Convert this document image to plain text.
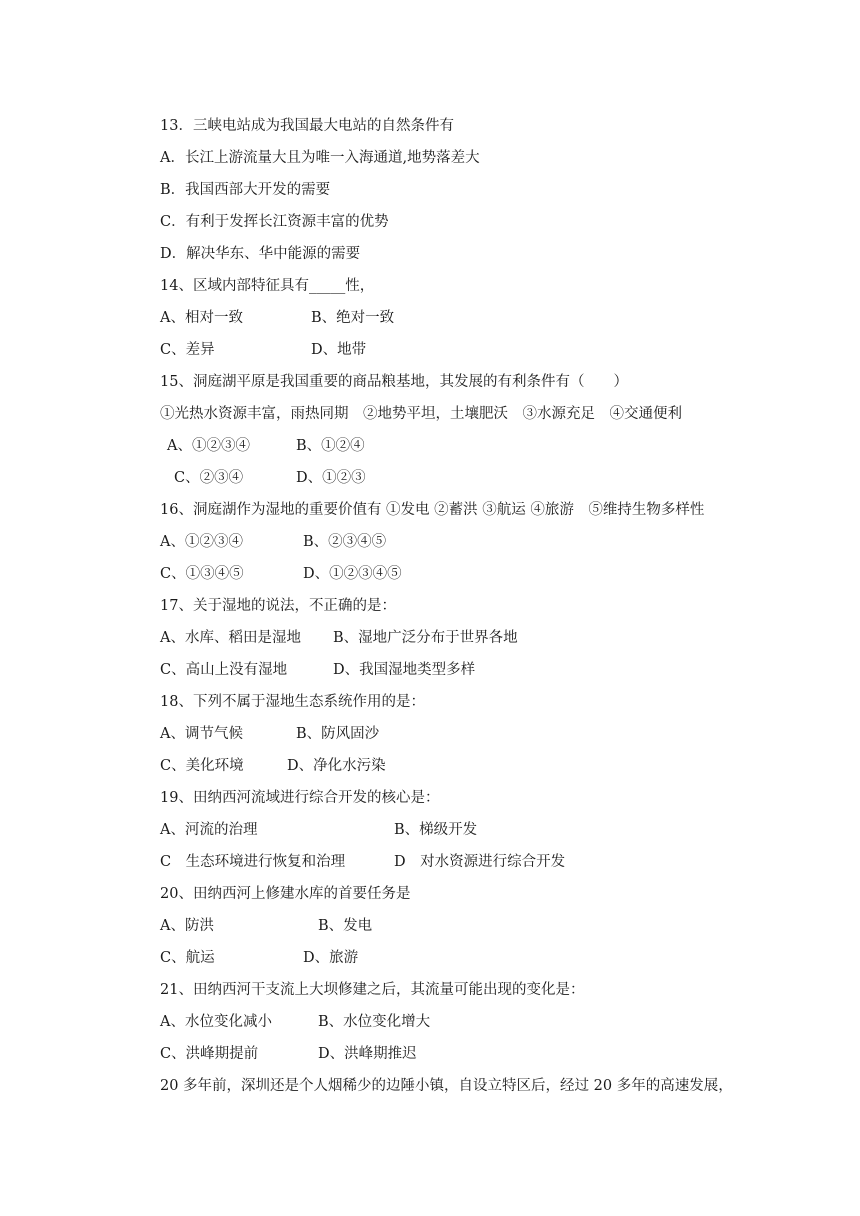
13．三峡电站成为我国最大电站的自然条件有
A．长江上游流量大且为唯一入海通道,地势落差大
B．我国西部大开发的需要
C．有利于发挥长江资源丰富的优势
D．解决华东、华中能源的需要
14、区域内部特征具有_____性，

A、相对一致

	B、绝对一致

C、差异

	D、地带

15、洞庭湖平原是我国重要的商品粮基地，其发展的有利条件有（　　）
①光热水资源丰富，雨热同期　②地势平坦，土壤肥沃　③水源充足　④交通便利

A、①②③④

	B、①②④

C、②③④

	D、①②③

16、洞庭湖作为湿地的重要价值有 ①发电 ②蓄洪 ③航运 ④旅游　⑤维持生物多样性

A、①②③④

	B、②③④⑤

C、①③④⑤

	D、①②③④⑤

17、关于湿地的说法，不正确的是：

A、水库、稻田是湿地

B、湿地广泛分布于世界各地

C、高山上没有湿地

	D、我国湿地类型多样

18、下列不属于湿地生态系统作用的是：

A、调节气候

	B、防风固沙

C、美化环境

	D、净化水污染

19、田纳西河流域进行综合开发的核心是：

A、河流的治理

	B、梯级开发

C　生态环境进行恢复和治理

	D　对水资源进行综合开发

20、田纳西河上修建水库的首要任务是

A、防洪

	B、发电

C、航运

	D、旅游

21、田纳西河干支流上大坝修建之后，其流量可能出现的变化是：

A、水位变化减小

	B、水位变化增大

C、洪峰期提前

	D、洪峰期推迟

20 多年前，深圳还是个人烟稀少的边陲小镇，自设立特区后，经过 20 多年的高速发展，
